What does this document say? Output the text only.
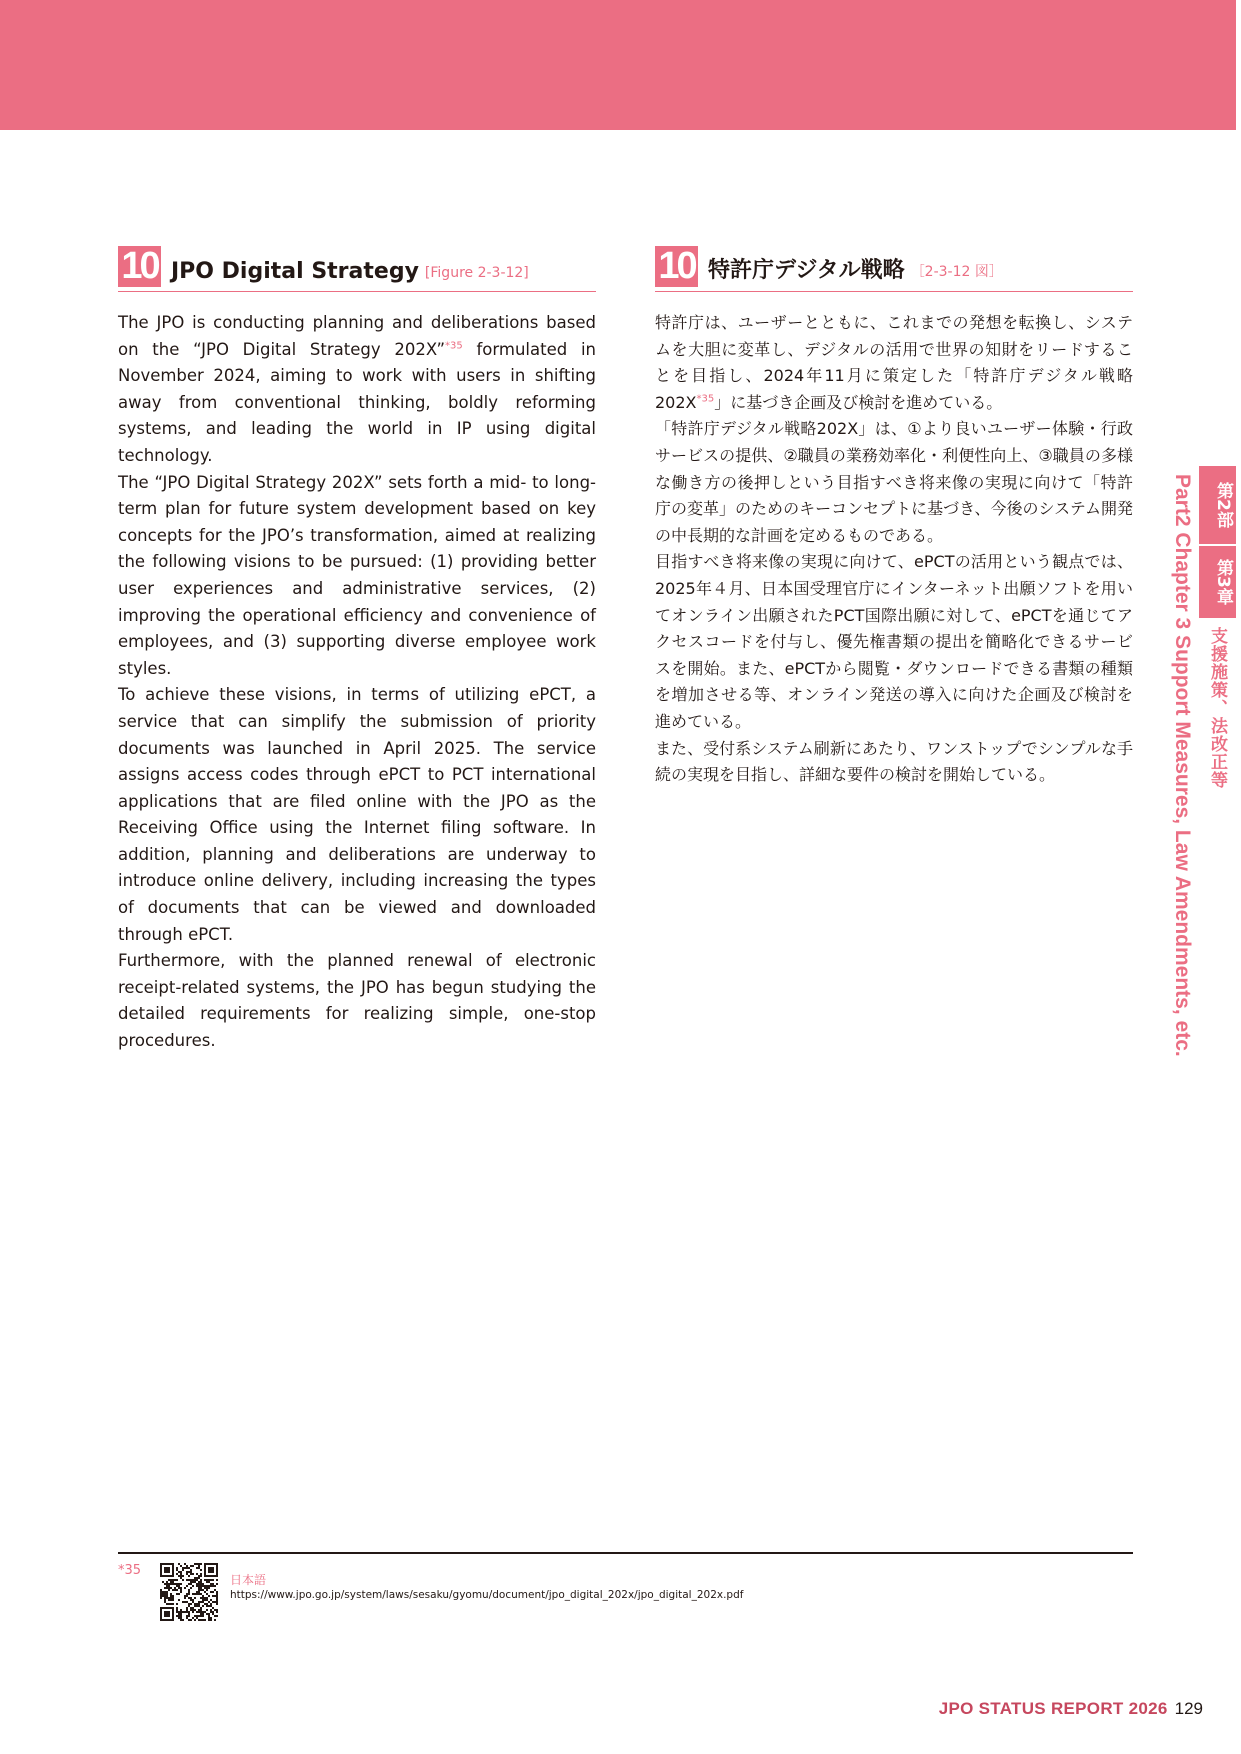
10 JPO Digital Strategy [Figure 2-3-12]

The JPO is conducting planning and deliberations based on the “JPO Digital Strategy 202X”$^{*35}$ formulated in November 2024, aiming to work with users in shifting away from conventional thinking, boldly reforming systems, and leading the world in IP using digital technology.

The “JPO Digital Strategy 202X” sets forth a mid- to long-term plan for future system development based on key concepts for the JPO’s transformation, aimed at realizing the following visions to be pursued: (1) providing better user experiences and administrative services, (2) improving the operational efficiency and convenience of employees, and (3) supporting diverse employee work styles.

To achieve these visions, in terms of utilizing ePCT, a service that can simplify the submission of priority documents was launched in April 2025. The service assigns access codes through ePCT to PCT international applications that are filed online with the JPO as the Receiving Office using the Internet filing software. In addition, planning and deliberations are underway to introduce online delivery, including increasing the types of documents that can be viewed and downloaded through ePCT.

Furthermore, with the planned renewal of electronic receipt-related systems, the JPO has begun studying the detailed requirements for realizing simple, one-stop procedures.

10 特許庁デジタル戦略 ［2-3-12 図］

特許庁は、ユーザーとともに、これまでの発想を転換し、システムを大胆に変革し、デジタルの活用で世界の知財をリードすることを目指し、2024年11月に策定した「特許庁デジタル戦略202X$^{*35}$」に基づき企画及び検討を進めている。

「特許庁デジタル戦略202X」は、①より良いユーザー体験・行政サービスの提供、②職員の業務効率化・利便性向上、③職員の多様な働き方の後押しという目指すべき将来像の実現に向けて「特許庁の変革」のためのキーコンセプトに基づき、今後のシステム開発の中長期的な計画を定めるものである。

目指すべき将来像の実現に向けて、ePCTの活用という観点では、2025年４月、日本国受理官庁にインターネット出願ソフトを用いてオンライン出願されたPCT国際出願に対して、ePCTを通じてアクセスコードを付与し、優先権書類の提出を簡略化できるサービスを開始。また、ePCTから閲覧・ダウンロードできる書類の種類を増加させる等、オンライン発送の導入に向けた企画及び検討を進めている。

また、受付系システム刷新にあたり、ワンストップでシンプルな手続の実現を目指し、詳細な要件の検討を開始している。

第2部
第3章
支援施策、法改正等
Part2 Chapter 3 Support Measures, Law Amendments, etc.
*35
日本語
https://www.jpo.go.jp/system/laws/sesaku/gyomu/document/jpo_digital_202x/jpo_digital_202x.pdf
JPO STATUS REPORT 2026 129
